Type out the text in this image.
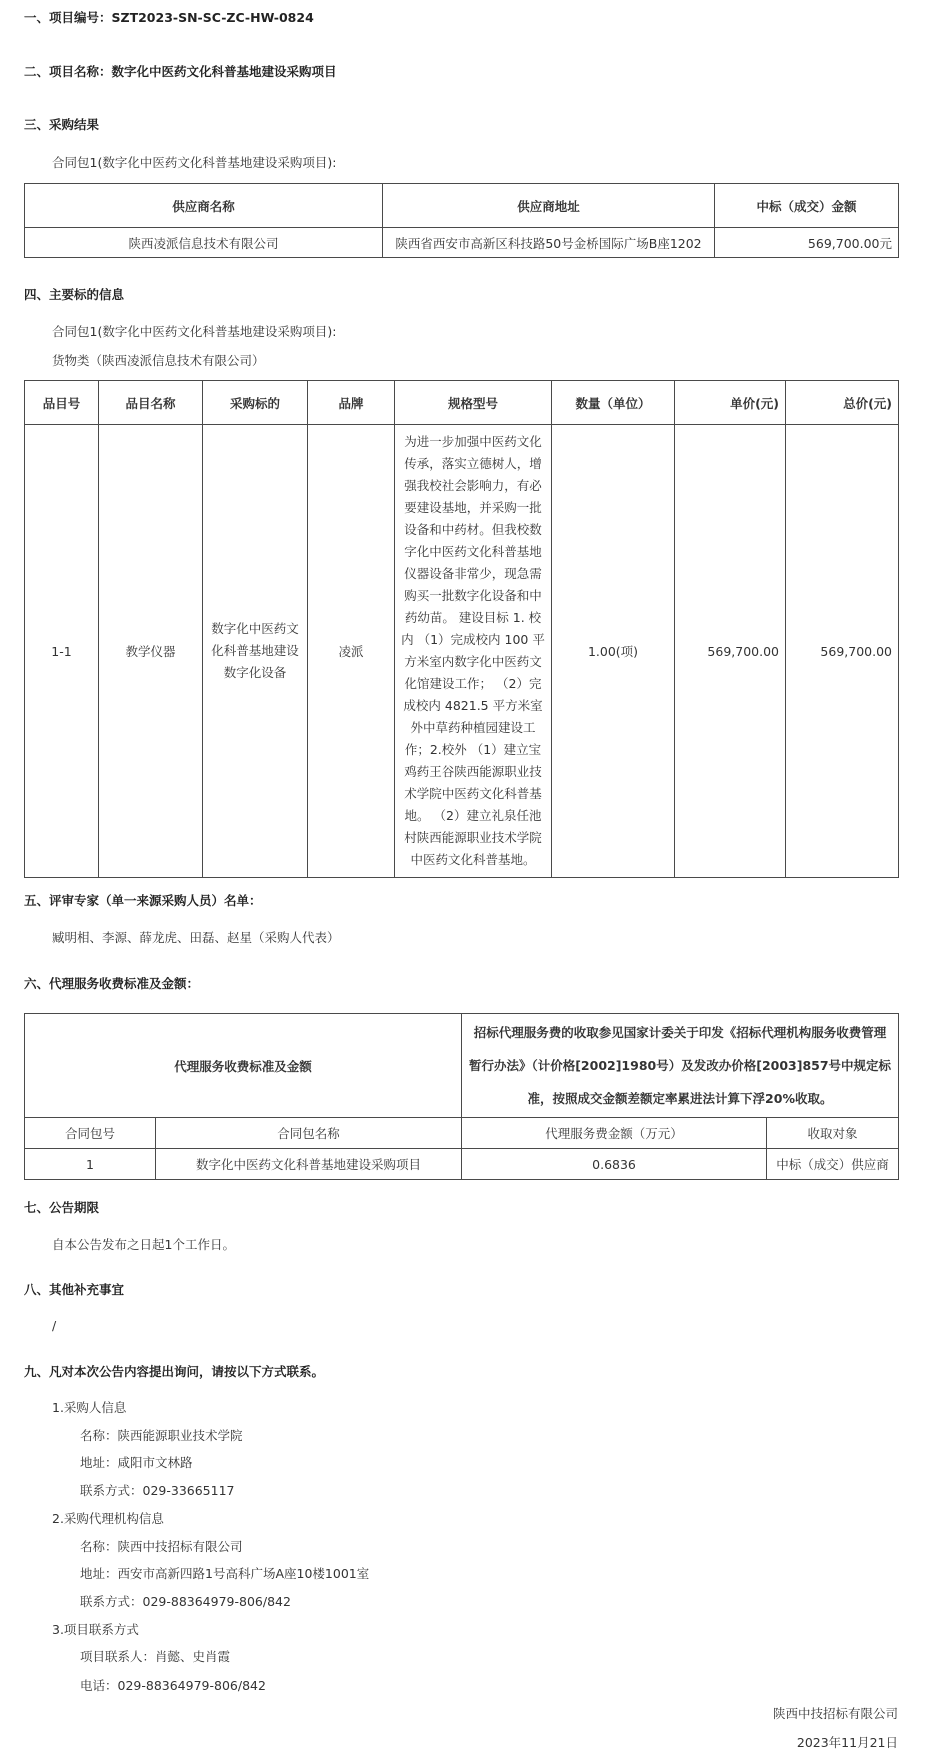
一、项目编号：SZT2023-SN-SC-ZC-HW-0824
二、项目名称：数字化中医药文化科普基地建设采购项目
三、采购结果
合同包1(数字化中医药文化科普基地建设采购项目):
供应商名称	供应商地址	中标（成交）金额
陕西凌派信息技术有限公司	陕西省西安市高新区科技路50号金桥国际广场B座1202	569,700.00元
四、主要标的信息
合同包1(数字化中医药文化科普基地建设采购项目):
货物类（陕西凌派信息技术有限公司）
品目号	品目名称	采购标的	品牌	规格型号	数量（单位）	单价(元)	总价(元)
1-1	教学仪器	数字化中医药文化科普基地建设数字化设备	凌派	为进一步加强中医药文化传承，落实立德树人，增强我校社会影响力，有必要建设基地，并采购一批设备和中药材。但我校数字化中医药文化科普基地仪器设备非常少，现急需购买一批数字化设备和中药幼苗。 建设目标 1. 校内 （1）完成校内 100 平方米室内数字化中医药文化馆建设工作； （2）完成校内 4821.5 平方米室外中草药种植园建设工作；2.校外 （1）建立宝鸡药王谷陕西能源职业技术学院中医药文化科普基地。 （2）建立礼泉任池村陕西能源职业技术学院中医药文化科普基地。	1.00(项)	569,700.00	569,700.00
五、评审专家（单一来源采购人员）名单：
臧明相、李源、薛龙虎、田磊、赵星（采购人代表）
六、代理服务收费标准及金额：
代理服务收费标准及金额		招标代理服务费的收取参见国家计委关于印发《招标代理机构服务收费管理暂行办法》（计价格[2002]1980号）及发改办价格[2003]857号中规定标准，按照成交金额差额定率累进法计算下浮20%收取。	
合同包号	合同包名称	代理服务费金额（万元）	收取对象
1	数字化中医药文化科普基地建设采购项目	0.6836	中标（成交）供应商
七、公告期限
自本公告发布之日起1个工作日。
八、其他补充事宜
/
九、凡对本次公告内容提出询问，请按以下方式联系。
1.采购人信息
名称：陕西能源职业技术学院
地址：咸阳市文林路
联系方式：029-33665117
2.采购代理机构信息
名称：陕西中技招标有限公司
地址：西安市高新四路1号高科广场A座10楼1001室
联系方式：029-88364979-806/842
3.项目联系方式
项目联系人：肖懿、史肖霞
电话：029-88364979-806/842
陕西中技招标有限公司
2023年11月21日
